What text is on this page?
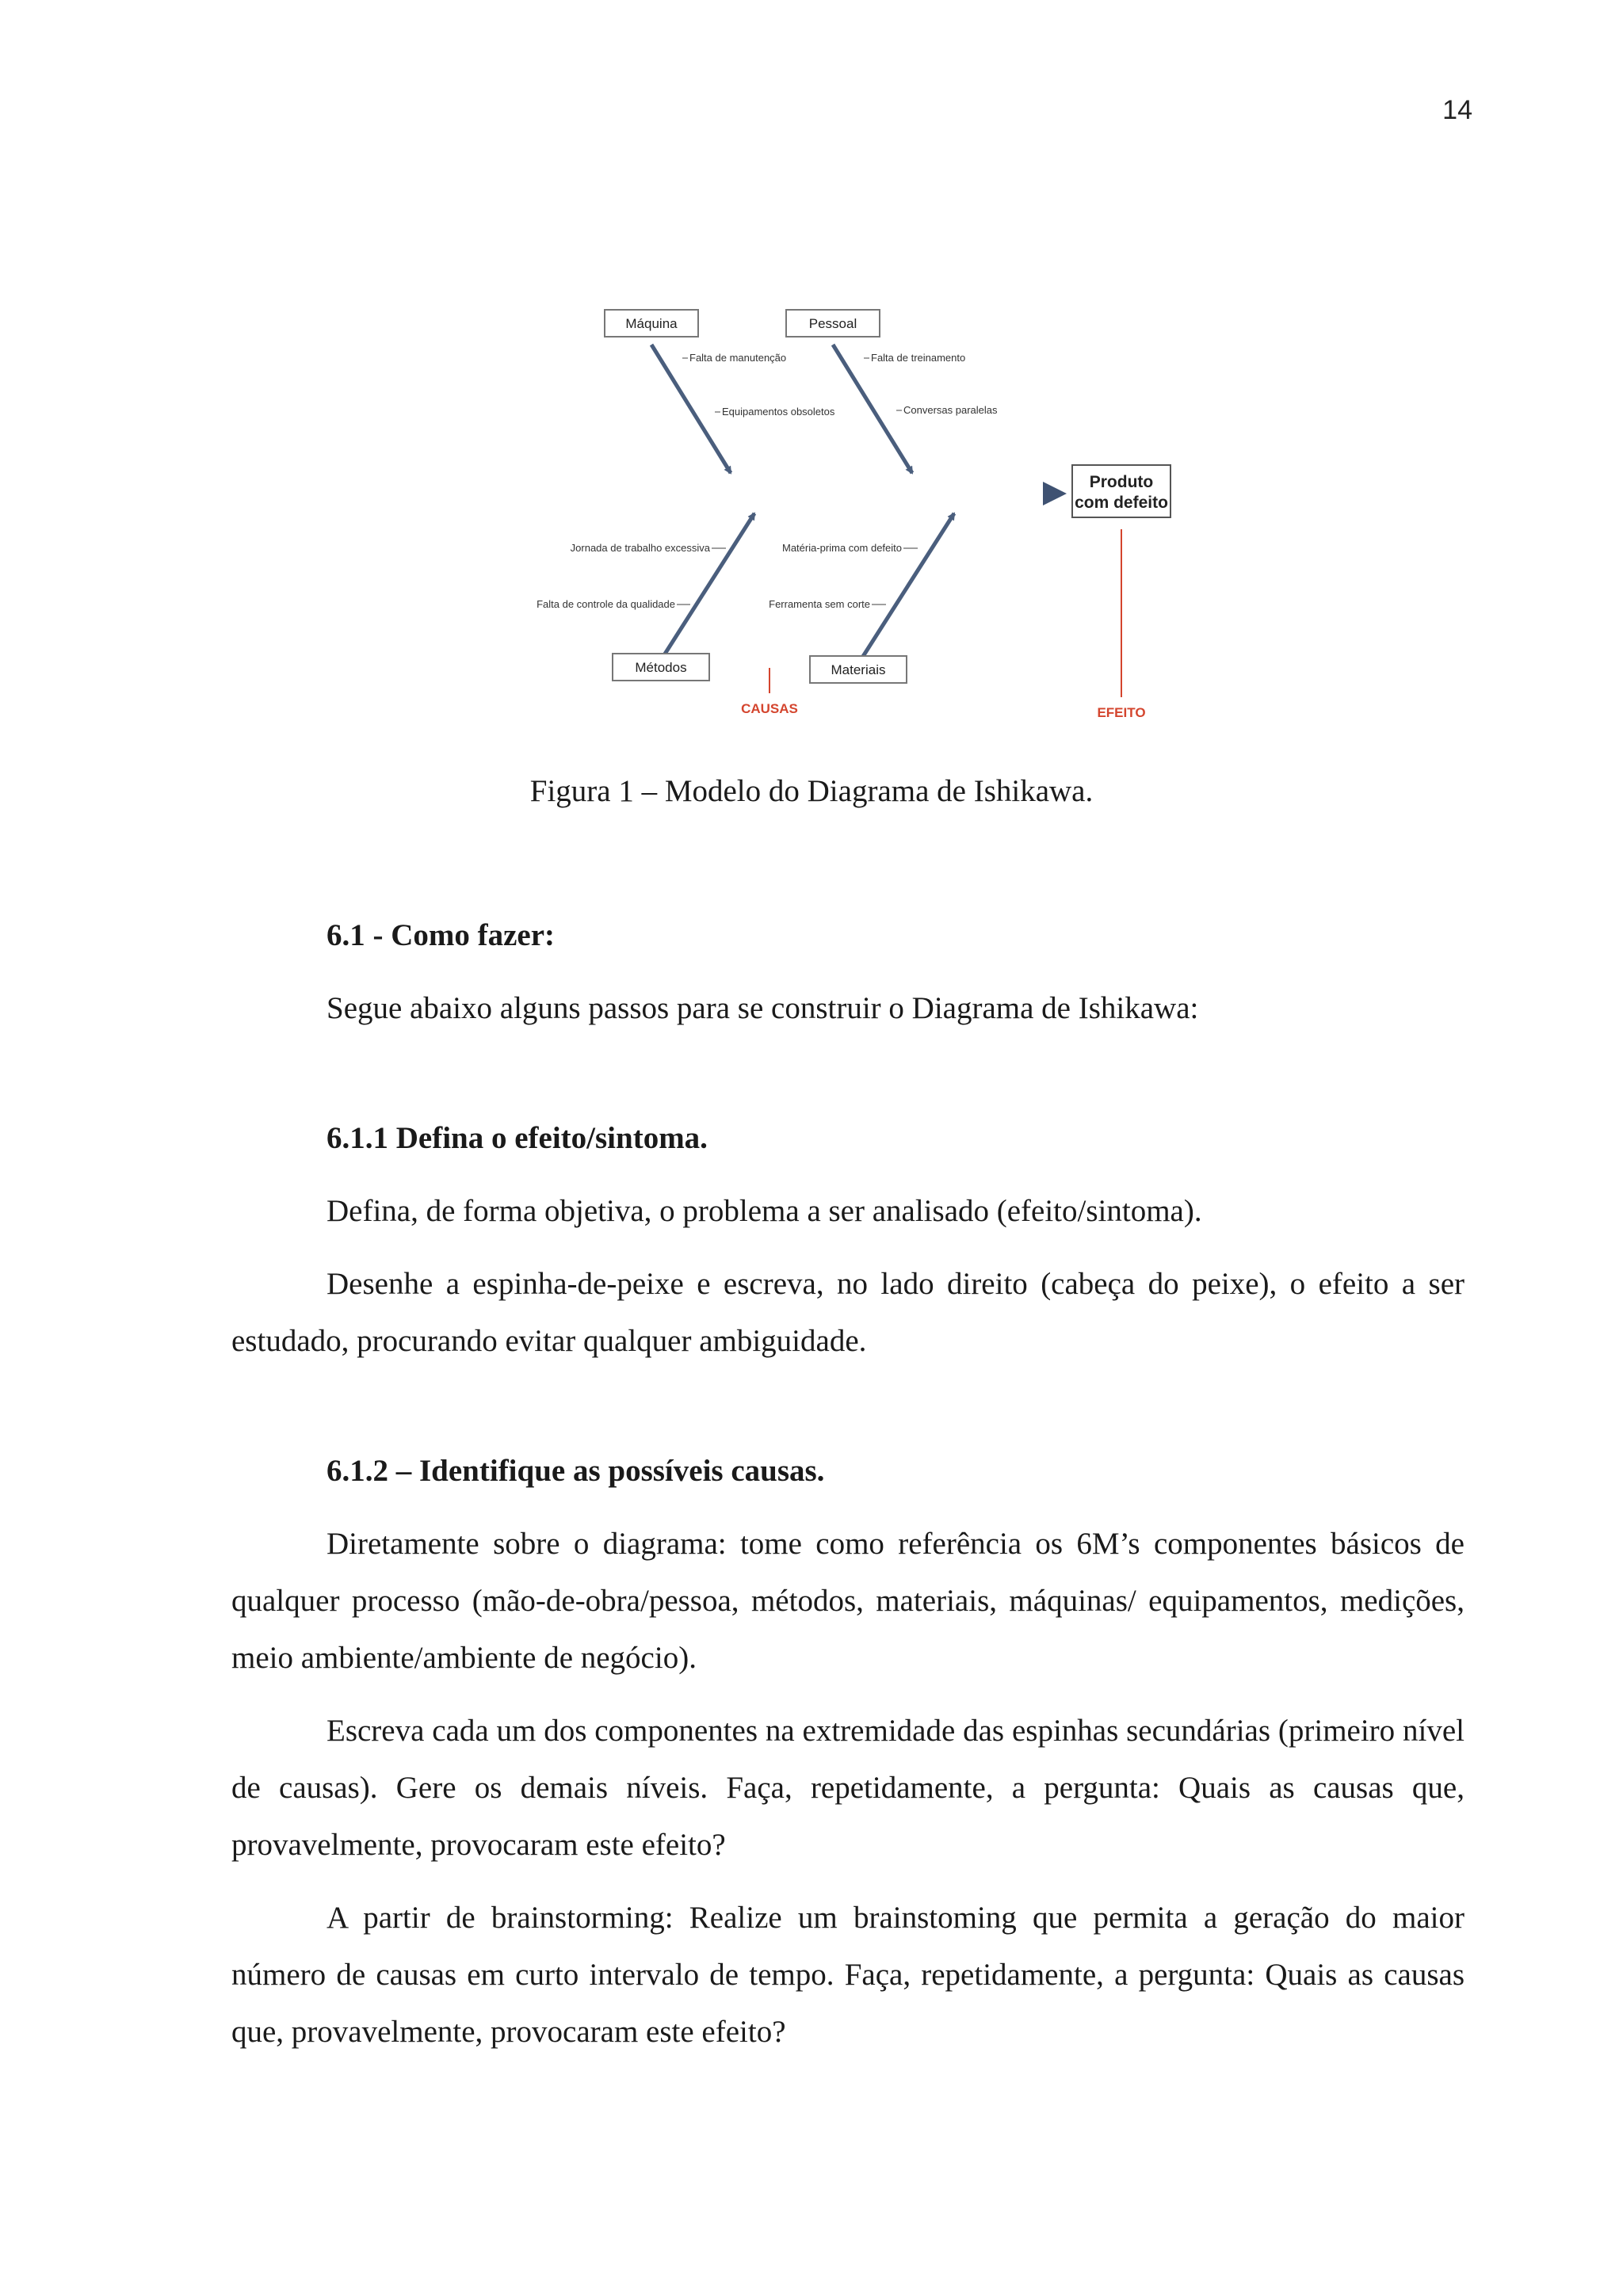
14
Produto
com defeito
Máquina	Pessoal
Métodos	Materiais
Falta de manutenção
Equipamentos obsoletos
Falta de treinamento
Conversas paralelas
Jornada de trabalho excessiva
Falta de controle da qualidade
Matéria-prima com defeito
Ferramenta sem corte
CAUSAS	EFEITO
Figura 1 – Modelo do Diagrama de Ishikawa.
6.1 - Como fazer:

Segue abaixo alguns passos para se construir o Diagrama de Ishikawa:

6.1.1 Defina o efeito/sintoma.

Defina, de forma objetiva, o problema a ser analisado (efeito/sintoma).

Desenhe a espinha-de-peixe e escreva, no lado direito (cabeça do peixe), o efeito a ser estudado, procurando evitar qualquer ambiguidade.

6.1.2 – Identifique as possíveis causas.

Diretamente sobre o diagrama: tome como referência os 6M’s componentes básicos de qualquer processo (mão-de-obra/pessoa, métodos, materiais, máquinas/ equipamentos, medições, meio ambiente/ambiente de negócio).

Escreva cada um dos componentes na extremidade das espinhas secundárias (primeiro nível de causas). Gere os demais níveis. Faça, repetidamente, a pergunta: Quais as causas que, provavelmente, provocaram este efeito?

A partir de brainstorming: Realize um brainstoming que permita a geração do maior número de causas em curto intervalo de tempo. Faça, repetidamente, a pergunta: Quais as causas que, provavelmente, provocaram este efeito?
